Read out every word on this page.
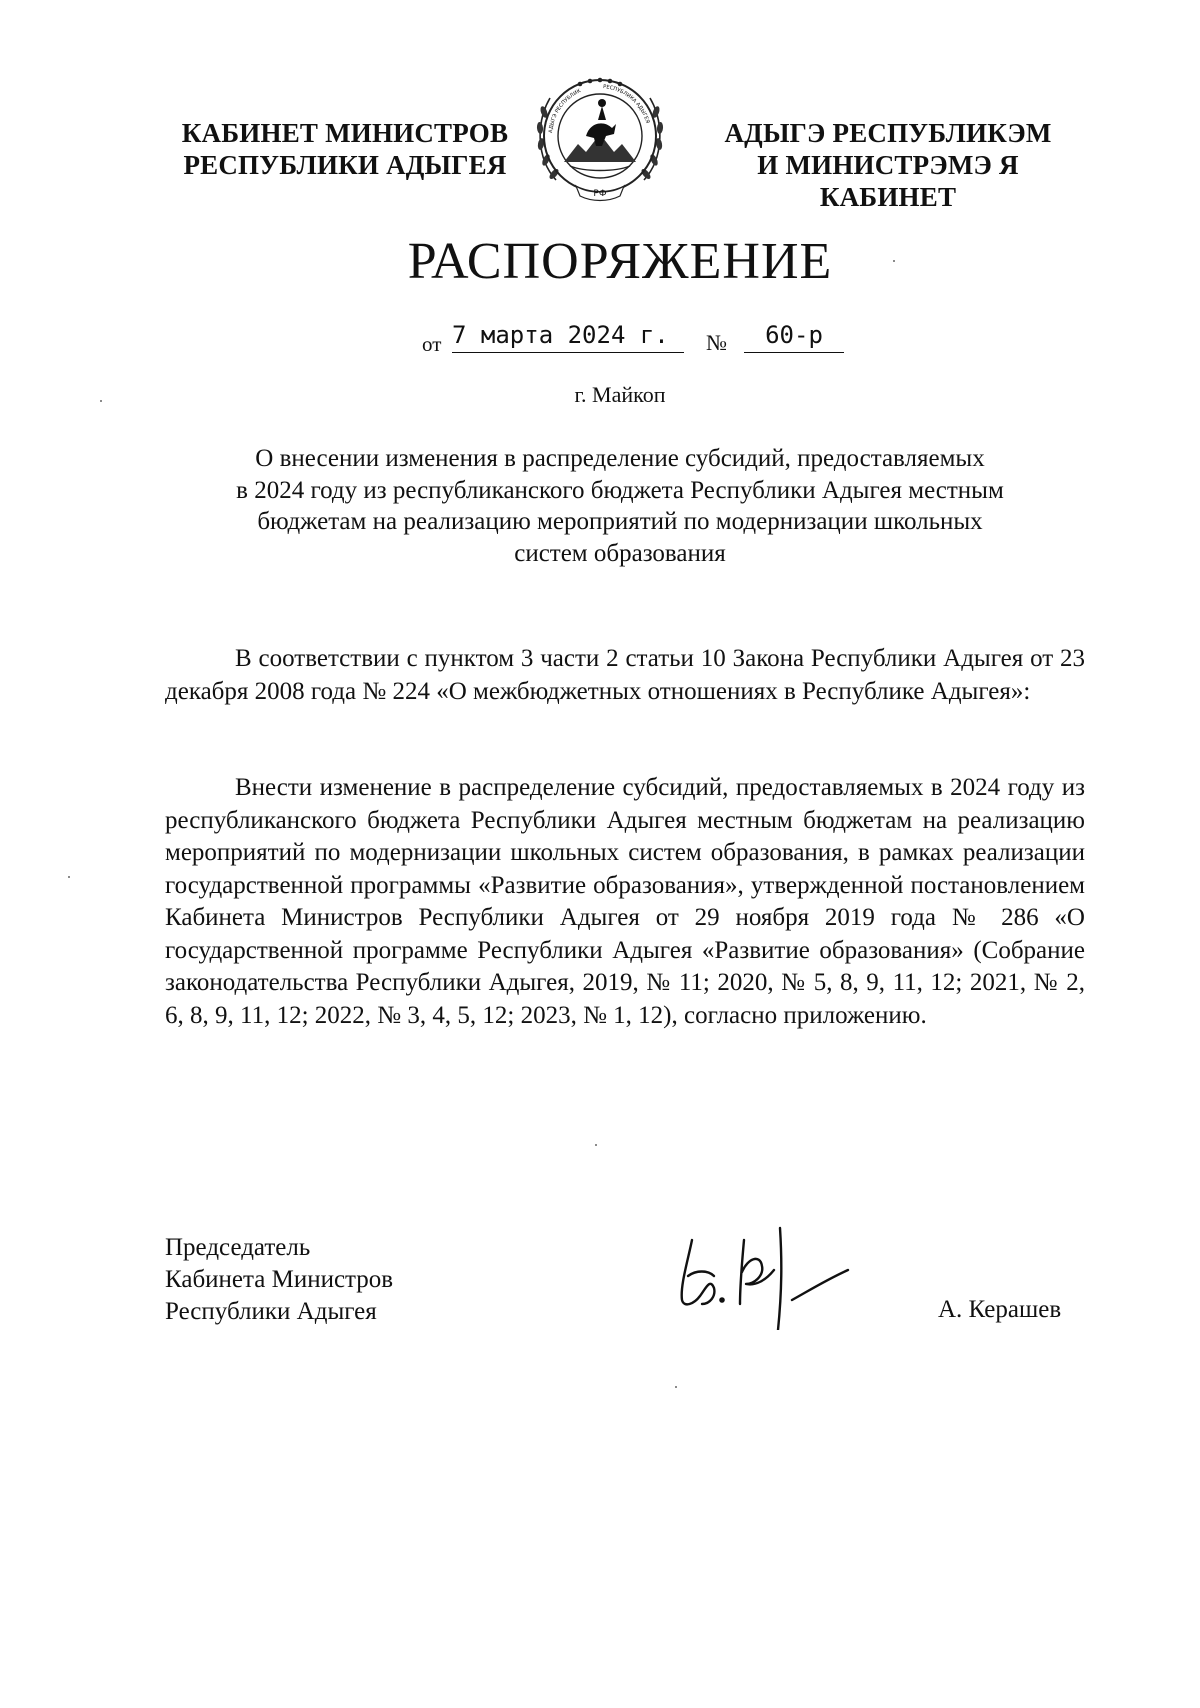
КАБИНЕТ МИНИСТРОВ
РЕСПУБЛИКИ АДЫГЕЯ
РФ
АДЫГЭ РЕСПУБЛИК
РЕСПУБЛИКА АДЫГЕЯ	АДЫГЭ РЕСПУБЛИКЭМ
И МИНИСТРЭМЭ Я КАБИНЕТ
РАСПОРЯЖЕНИЕ
от 7 марта 2024 г.	№	60-р
г. Майкоп
О внесении изменения в распределение субсидий, предоставляемых
в 2024 году из республиканского бюджета Республики Адыгея местным
бюджетам на реализацию мероприятий по модернизации школьных
систем образования

В соответствии с пунктом 3 части 2 статьи 10 Закона Республики Адыгея от 23 декабря 2008 года № 224 «О межбюджетных отношениях в Республике Адыгея»:

Внести изменение в распределение субсидий, предоставляемых в 2024 году из республиканского бюджета Республики Адыгея местным бюджетам на реализацию мероприятий по модернизации школьных систем образования, в рамках реализации государственной программы «Развитие образования», утвержденной постановлением Кабинета Министров Республики Адыгея от 29 ноября 2019 года № 286 «О государственной программе Республики Адыгея «Развитие образования» (Собрание законодательства Республики Адыгея, 2019, № 11; 2020, № 5, 8, 9, 11, 12; 2021, № 2, 6, 8, 9, 11, 12; 2022, № 3, 4, 5, 12; 2023, № 1, 12), согласно приложению.

Председатель
Кабинета Министров
Республики Адыгея	А. Керашев
